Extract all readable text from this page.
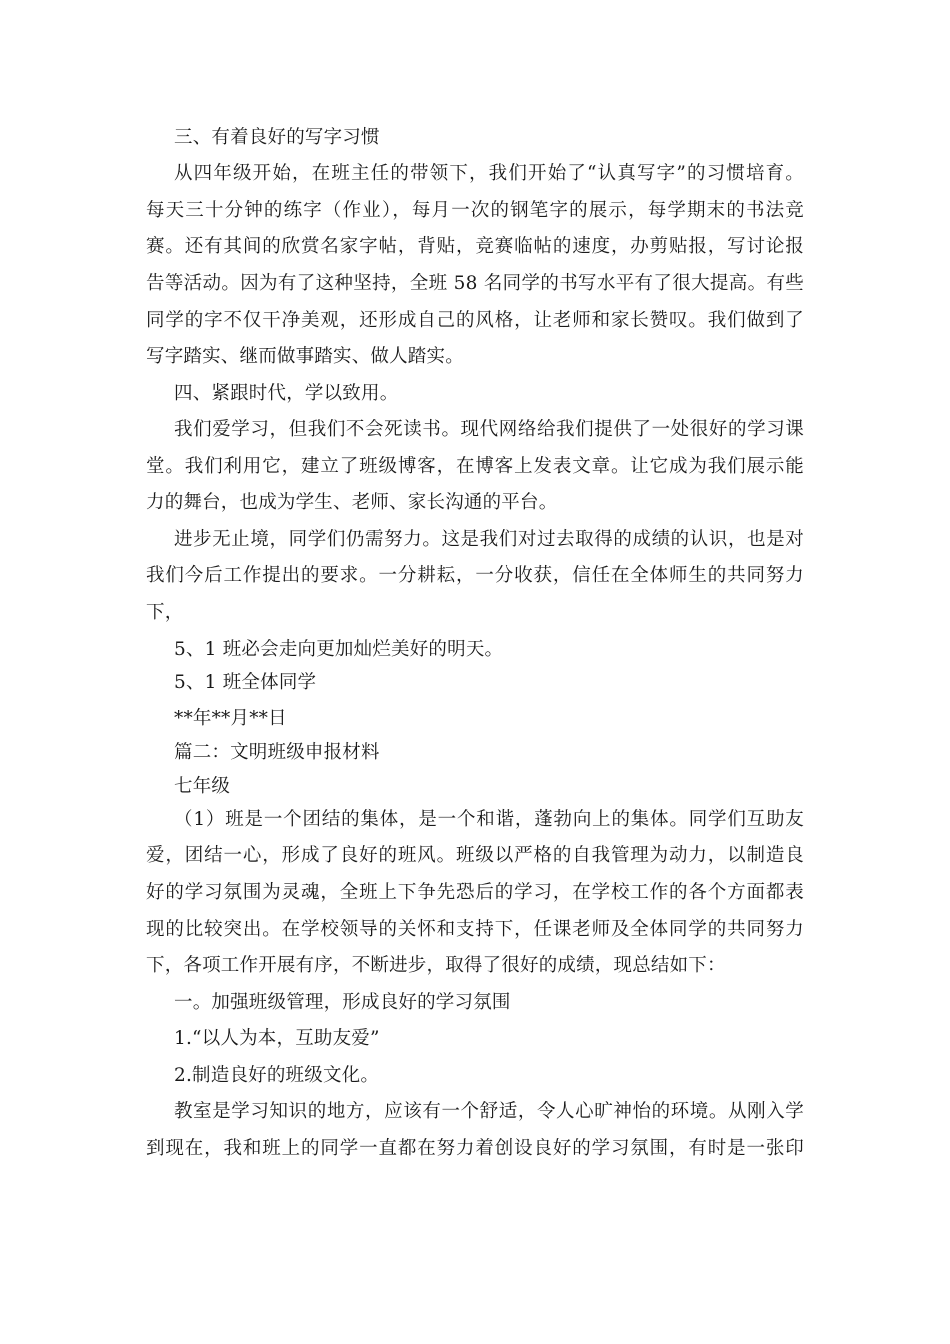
三、有着良好的写字习惯
从四年级开始，在班主任的带领下，我们开始了“认真写字”的习惯培育。
每天三十分钟的练字（作业），每月一次的钢笔字的展示，每学期末的书法竞
赛。还有其间的欣赏名家字帖，背贴，竞赛临帖的速度，办剪贴报，写讨论报
告等活动。因为有了这种坚持，全班 58 名同学的书写水平有了很大提高。有些
同学的字不仅干净美观，还形成自己的风格，让老师和家长赞叹。我们做到了
写字踏实、继而做事踏实、做人踏实。
四、紧跟时代，学以致用。
我们爱学习，但我们不会死读书。现代网络给我们提供了一处很好的学习课
堂。我们利用它，建立了班级博客，在博客上发表文章。让它成为我们展示能
力的舞台，也成为学生、老师、家长沟通的平台。
进步无止境，同学们仍需努力。这是我们对过去取得的成绩的认识，也是对
我们今后工作提出的要求。一分耕耘，一分收获，信任在全体师生的共同努力
下，
5、1 班必会走向更加灿烂美好的明天。
5、1 班全体同学
**年**月**日
篇二：文明班级申报材料
七年级
（1）班是一个团结的集体，是一个和谐，蓬勃向上的集体。同学们互助友
爱，团结一心，形成了良好的班风。班级以严格的自我管理为动力，以制造良
好的学习氛围为灵魂，全班上下争先恐后的学习，在学校工作的各个方面都表
现的比较突出。在学校领导的关怀和支持下，任课老师及全体同学的共同努力
下，各项工作开展有序，不断进步，取得了很好的成绩，现总结如下：
一。加强班级管理，形成良好的学习氛围
1.“以人为本，互助友爱”
2.制造良好的班级文化。
教室是学习知识的地方，应该有一个舒适，令人心旷神怡的环境。从刚入学
到现在，我和班上的同学一直都在努力着创设良好的学习氛围，有时是一张印
